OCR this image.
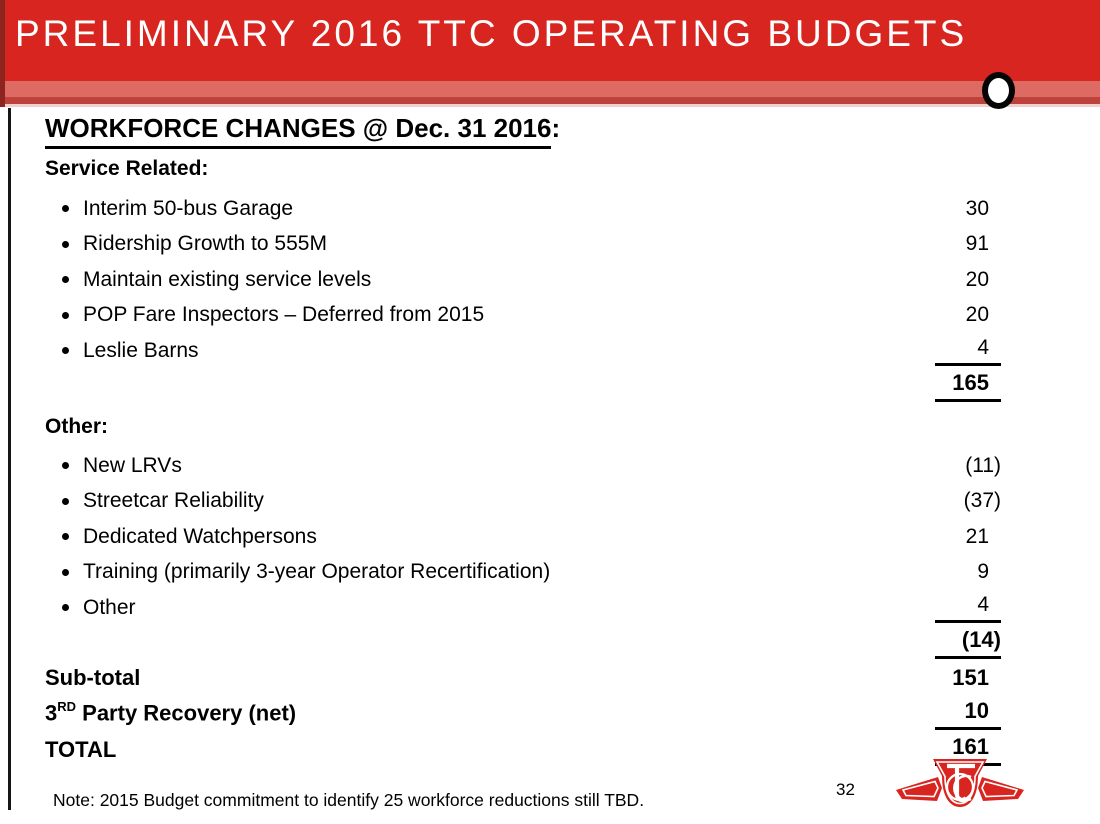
PRELIMINARY 2016 TTC OPERATING BUDGETS
WORKFORCE CHANGES @ Dec. 31 2016:
Service Related:
Interim 50-bus Garage	30
Ridership Growth to 555M	91
Maintain existing service levels	20
POP Fare Inspectors – Deferred from 2015	20
Leslie Barns	4
165
Other:
New LRVs	(11)
Streetcar Reliability	(37)
Dedicated Watchpersons	21
Training (primarily 3-year Operator Recertification)	9
Other	4
(14)
Sub-total	151
3RD Party Recovery (net)	10
TOTAL	161
Note: 2015 Budget commitment to identify 25 workforce reductions still TBD.	32
